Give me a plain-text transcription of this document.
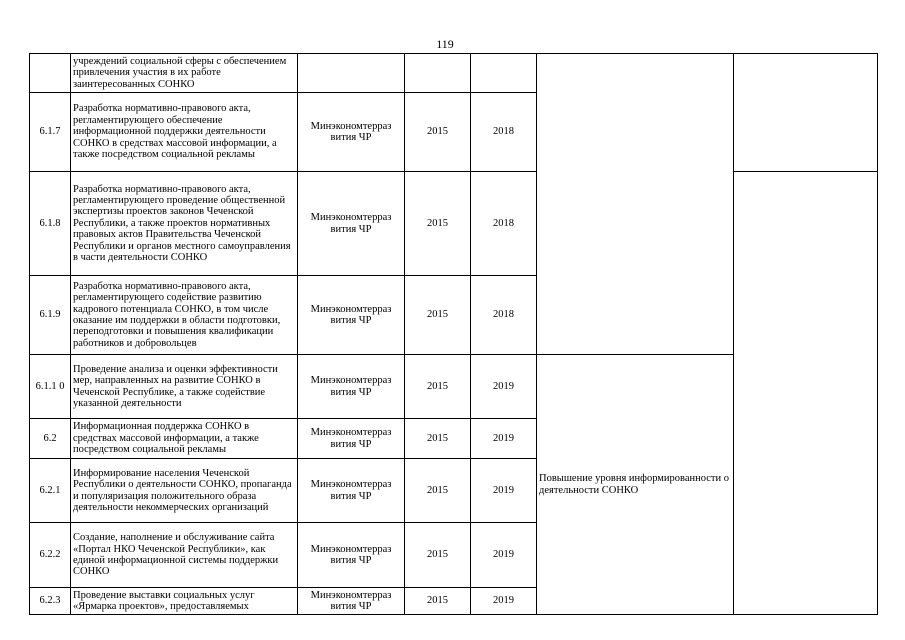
119
	учреждений социальной сферы с обеспечением привлечения участия в их работе заинтересованных СОНКО					
6.1.7	Разработка нормативно-правового акта, регламентирующего обеспечение информационной поддержки деятельности СОНКО в средствах массовой информации, а также посредством социальной рекламы	Минэкономтерраз вития ЧР	2015	2018		
6.1.8	Разработка нормативно-правового акта, регламентирующего проведение общественной экспертизы проектов законов Чеченской Республики, а также проектов нормативных правовых актов Правительства Чеченской Республики и органов местного самоуправления в части деятельности СОНКО	Минэкономтерраз вития ЧР	2015	2018		
6.1.9	Разработка нормативно-правового акта, регламентирующего содействие развитию кадрового потенциала СОНКО, в том числе оказание им поддержки в области подготовки, переподготовки и повышения квалификации работников и добровольцев	Минэкономтерраз вития ЧР	2015	2018		
6.1.1 0	Проведение анализа и оценки эффективности мер, направленных на развитие СОНКО в Чеченской Республике, а также содействие указанной деятельности	Минэкономтерраз вития ЧР	2015	2019	Повышение уровня информированности о деятельности СОНКО	
6.2	Информационная поддержка СОНКО в средствах массовой информации, а также посредством социальной рекламы	Минэкономтерраз вития ЧР	2015	2019		
6.2.1	Информирование населения Чеченской Республики о деятельности СОНКО, пропаганда и популяризация положительного образа деятельности некоммерческих организаций	Минэкономтерраз вития ЧР	2015	2019		
6.2.2	Создание, наполнение и обслуживание сайта «Портал НКО Чеченской Республики», как единой информационной системы поддержки СОНКО	Минэкономтерраз вития ЧР	2015	2019		
6.2.3	Проведение выставки социальных услуг «Ярмарка проектов», предоставляемых	Минэкономтерраз вития ЧР	2015	2019		
